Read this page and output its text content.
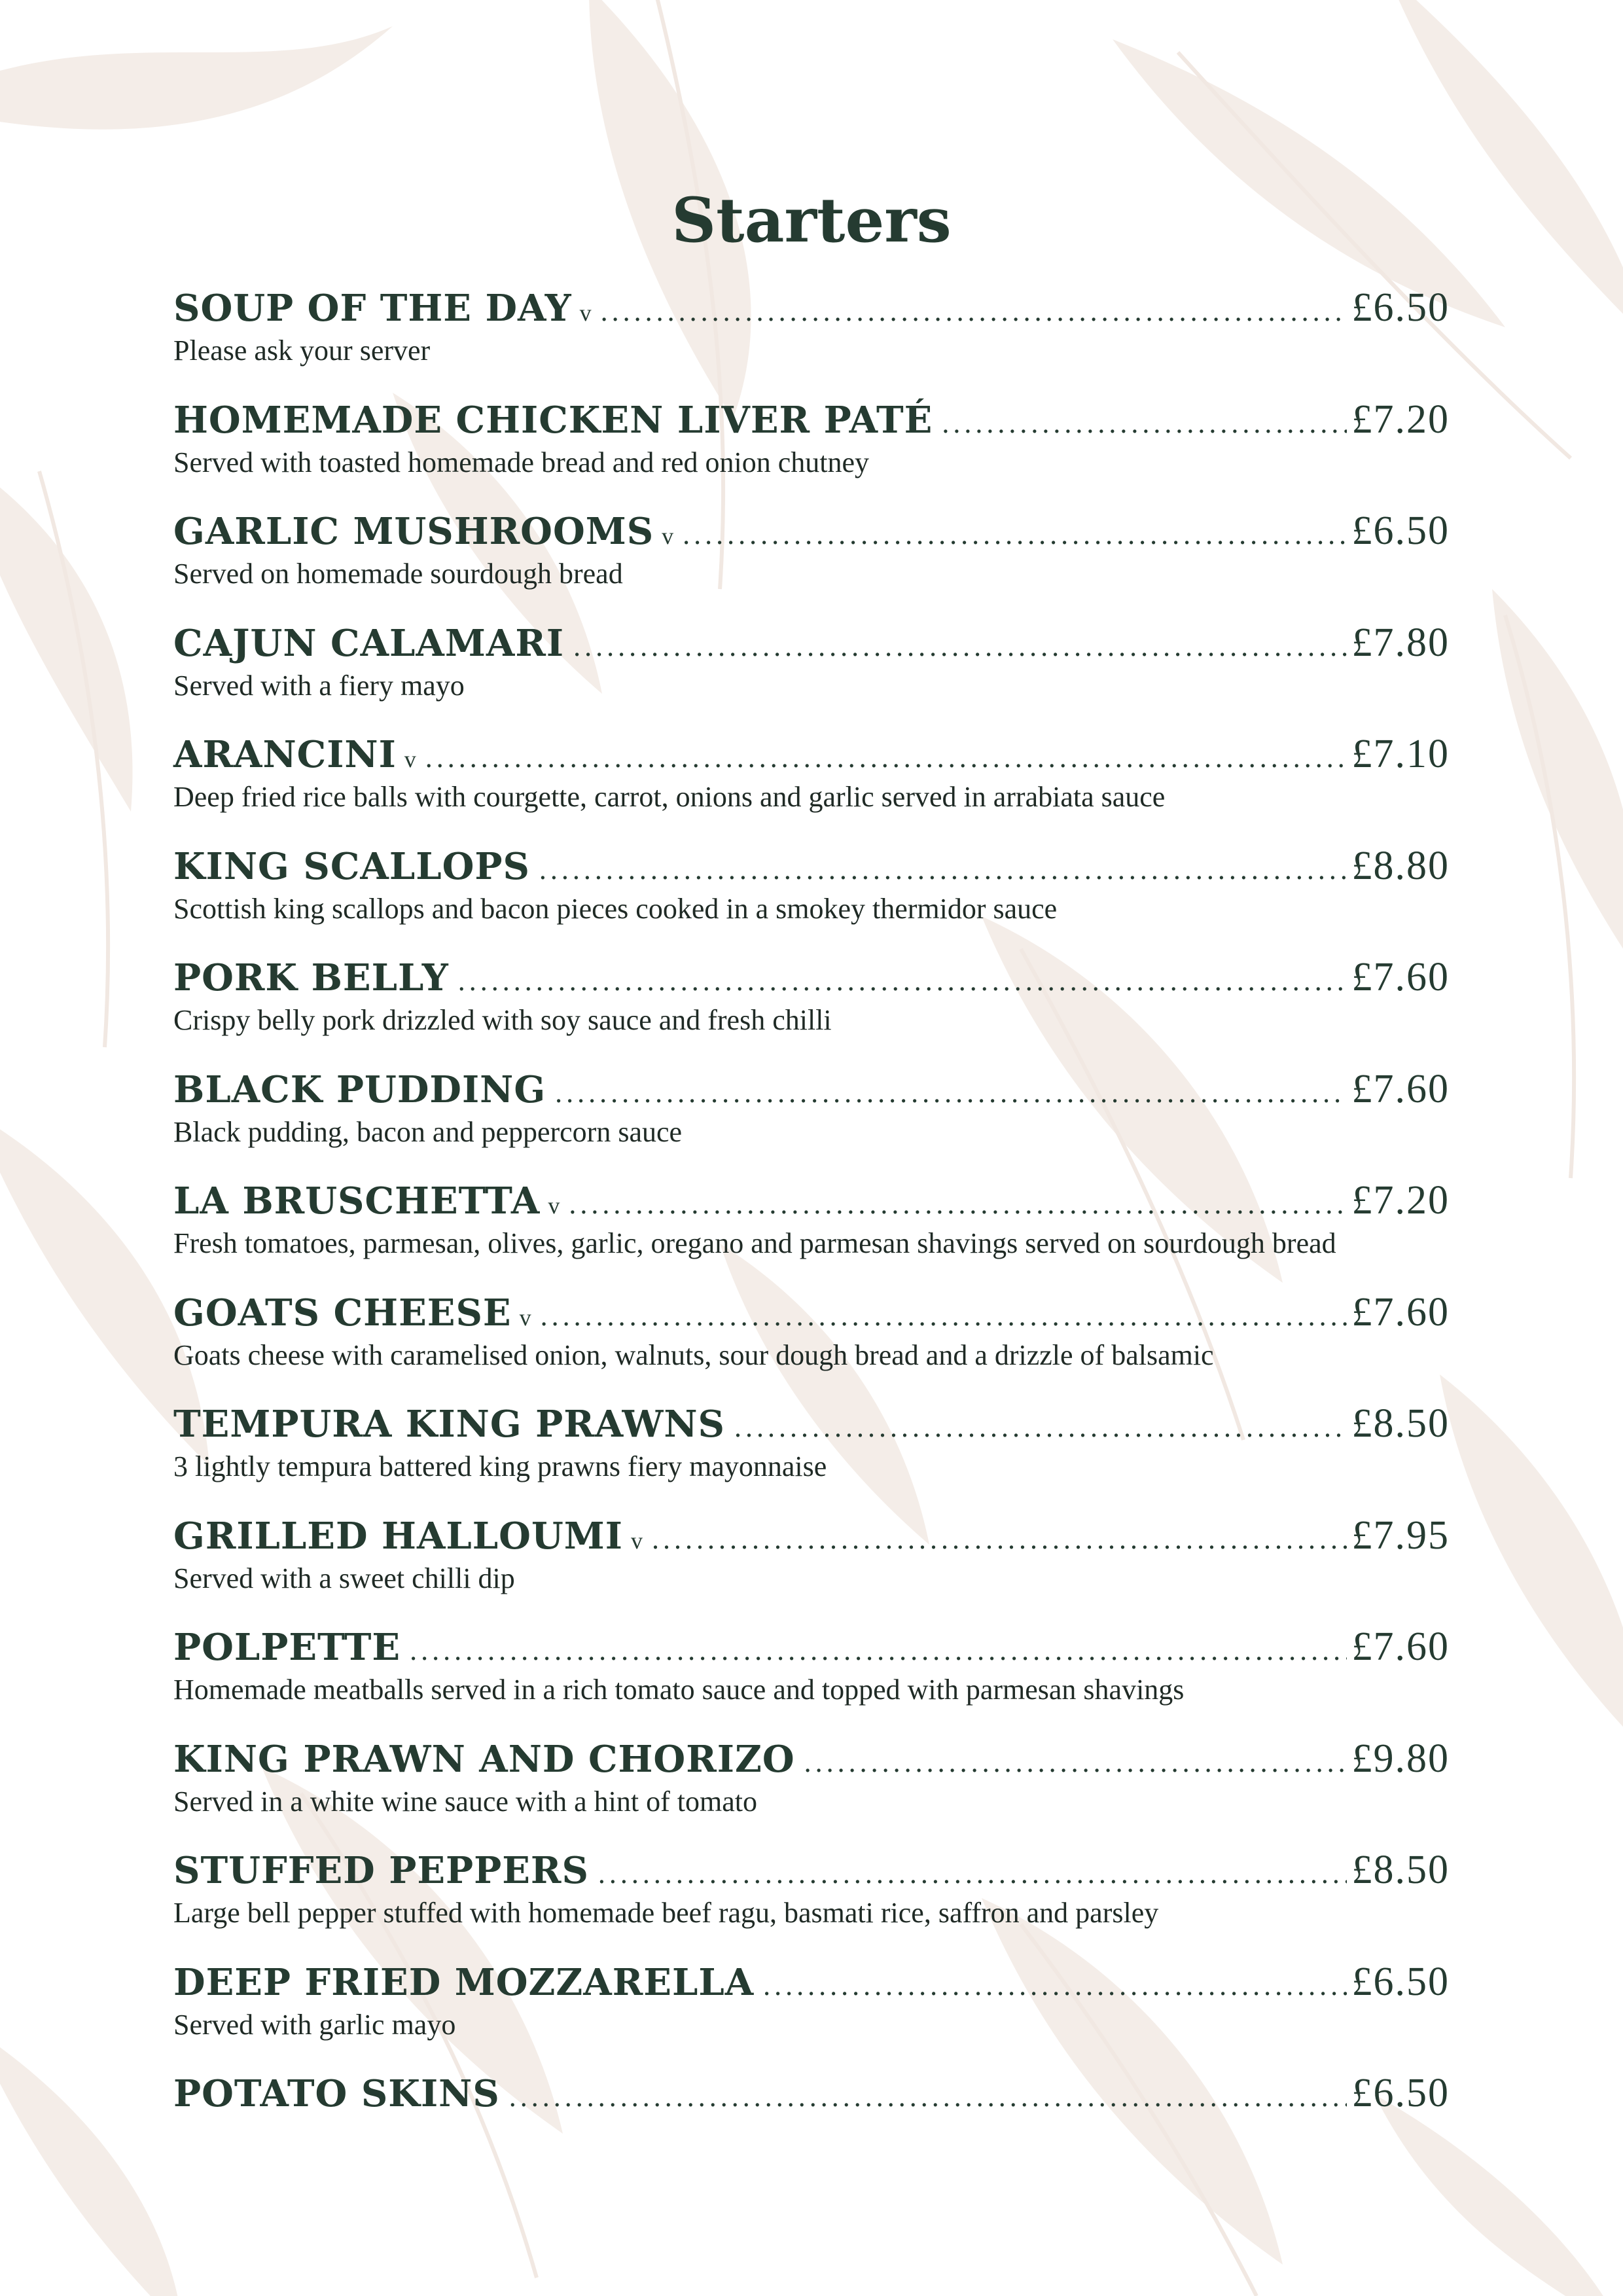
Starters
SOUP OF THE DAY v .....	£6.50
Please ask your server
HOMEMADE CHICKEN LIVER PATÉ .....	£7.20
Served with toasted homemade bread and red onion chutney
GARLIC MUSHROOMS v .....	£6.50
Served on homemade sourdough bread
CAJUN CALAMARI .....	£7.80
Served with a fiery mayo
ARANCINI v .....	£7.10
Deep fried rice balls with courgette, carrot, onions and garlic served in arrabiata sauce
KING SCALLOPS .....	£8.80
Scottish king scallops and bacon pieces cooked in a smokey thermidor sauce
PORK BELLY .....	£7.60
Crispy belly pork drizzled with soy sauce and fresh chilli
BLACK PUDDING .....	£7.60
Black pudding, bacon and peppercorn sauce
LA BRUSCHETTA v .....	£7.20
Fresh tomatoes, parmesan, olives, garlic, oregano and parmesan shavings served on sourdough bread
GOATS CHEESE v .....	£7.60
Goats cheese with caramelised onion, walnuts, sour dough bread and a drizzle of balsamic
TEMPURA KING PRAWNS .....	£8.50
3 lightly tempura battered king prawns fiery mayonnaise
GRILLED HALLOUMI v .....	£7.95
Served with a sweet chilli dip
POLPETTE .....	£7.60
Homemade meatballs served in a rich tomato sauce and topped with parmesan shavings
KING PRAWN AND CHORIZO .....	£9.80
Served in a white wine sauce with a hint of tomato
STUFFED PEPPERS .....	£8.50
Large bell pepper stuffed with homemade beef ragu, basmati rice, saffron and parsley
DEEP FRIED MOZZARELLA .....	£6.50
Served with garlic mayo
POTATO SKINS .....	£6.50
